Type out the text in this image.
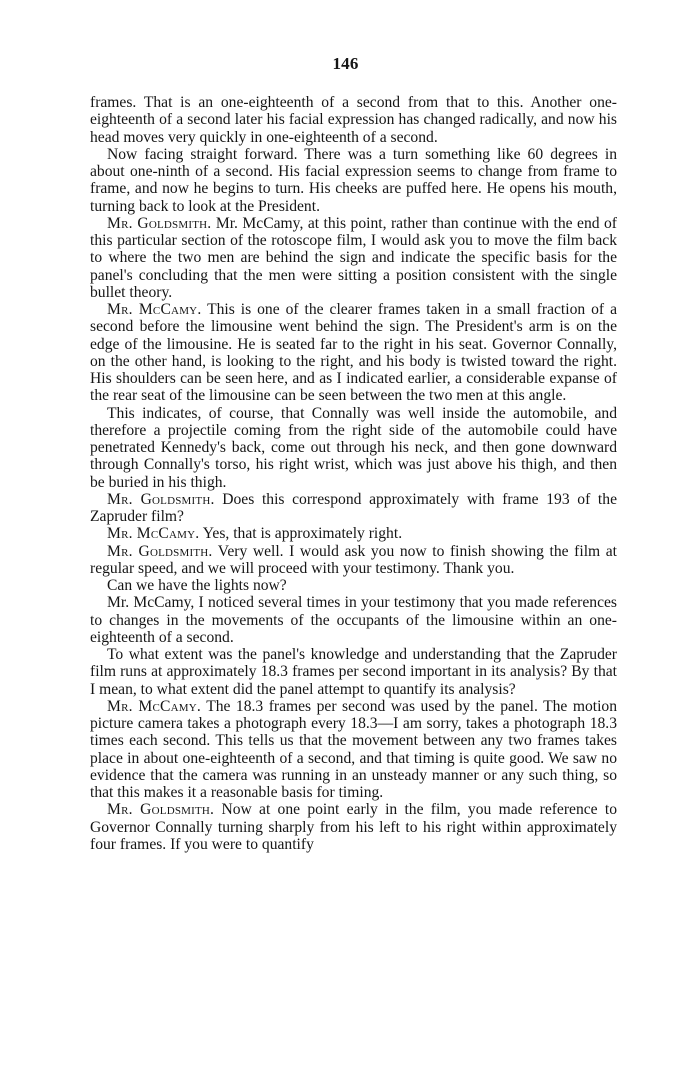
146

frames. That is an one-eighteenth of a second from that to this. Another one-eighteenth of a second later his facial expression has changed radically, and now his head moves very quickly in one-eighteenth of a second.

Now facing straight forward. There was a turn something like 60 degrees in about one-ninth of a second. His facial expression seems to change from frame to frame, and now he begins to turn. His cheeks are puffed here. He opens his mouth, turning back to look at the President.

Mr. Goldsmith. Mr. McCamy, at this point, rather than continue with the end of this particular section of the rotoscope film, I would ask you to move the film back to where the two men are behind the sign and indicate the specific basis for the panel's concluding that the men were sitting a position consistent with the single bullet theory.

Mr. McCamy. This is one of the clearer frames taken in a small fraction of a second before the limousine went behind the sign. The President's arm is on the edge of the limousine. He is seated far to the right in his seat. Governor Connally, on the other hand, is looking to the right, and his body is twisted toward the right. His shoulders can be seen here, and as I indicated earlier, a considerable expanse of the rear seat of the limousine can be seen between the two men at this angle.

This indicates, of course, that Connally was well inside the automobile, and therefore a projectile coming from the right side of the automobile could have penetrated Kennedy's back, come out through his neck, and then gone downward through Connally's torso, his right wrist, which was just above his thigh, and then be buried in his thigh.

Mr. Goldsmith. Does this correspond approximately with frame 193 of the Zapruder film?

Mr. McCamy. Yes, that is approximately right.

Mr. Goldsmith. Very well. I would ask you now to finish showing the film at regular speed, and we will proceed with your testimony. Thank you.

Can we have the lights now?

Mr. McCamy, I noticed several times in your testimony that you made references to changes in the movements of the occupants of the limousine within an one-eighteenth of a second.

To what extent was the panel's knowledge and understanding that the Zapruder film runs at approximately 18.3 frames per second important in its analysis? By that I mean, to what extent did the panel attempt to quantify its analysis?

Mr. McCamy. The 18.3 frames per second was used by the panel. The motion picture camera takes a photograph every 18.3—I am sorry, takes a photograph 18.3 times each second. This tells us that the movement between any two frames takes place in about one-eighteenth of a second, and that timing is quite good. We saw no evidence that the camera was running in an unsteady manner or any such thing, so that this makes it a reasonable basis for timing.

Mr. Goldsmith. Now at one point early in the film, you made reference to Governor Connally turning sharply from his left to his right within approximately four frames. If you were to quantify
